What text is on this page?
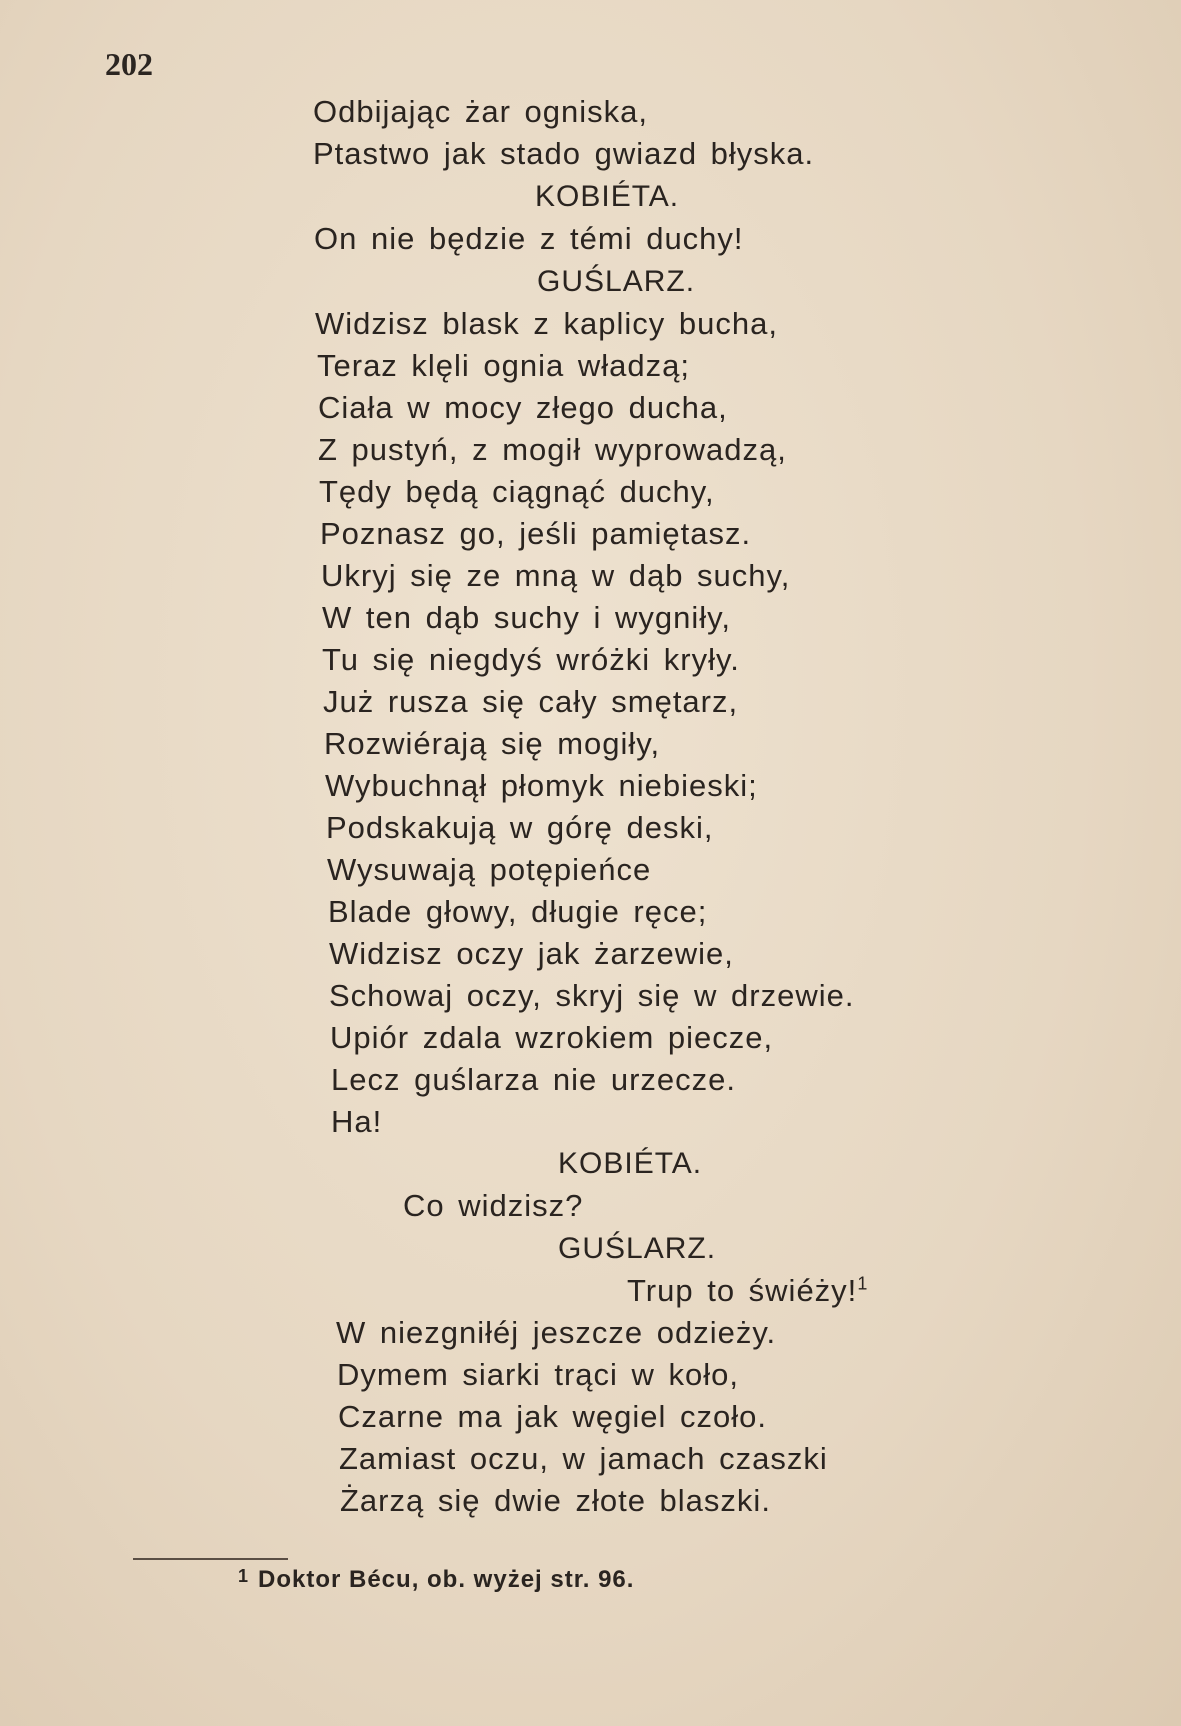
202
Odbijając żar ogniska,
Ptastwo jak stado gwiazd błyska.
KOBIÉTA.
On nie będzie z témi duchy!
GUŚLARZ.
Widzisz blask z kaplicy bucha,
Teraz klęli ognia władzą;
Ciała w mocy złego ducha,
Z pustyń, z mogił wyprowadzą,
Tędy będą ciągnąć duchy,
Poznasz go, jeśli pamiętasz.
Ukryj się ze mną w dąb suchy,
W ten dąb suchy i wygniły,
Tu się niegdyś wróżki kryły.
Już rusza się cały smętarz,
Rozwiérają się mogiły,
Wybuchnął płomyk niebieski;
Podskakują w górę deski,
Wysuwają potępieńce
Blade głowy, długie ręce;
Widzisz oczy jak żarzewie,
Schowaj oczy, skryj się w drzewie.
Upiór zdala wzrokiem piecze,
Lecz guślarza nie urzecze.
Ha!
KOBIÉTA.
Co widzisz?
GUŚLARZ.
Trup to świéży!$^1$
W niezgniłéj jeszcze odzieży.
Dymem siarki trąci w koło,
Czarne ma jak węgiel czoło.
Zamiast oczu, w jamach czaszki
Żarzą się dwie złote blaszki.
1 Doktor Bécu, ob. wyżej str. 96.
